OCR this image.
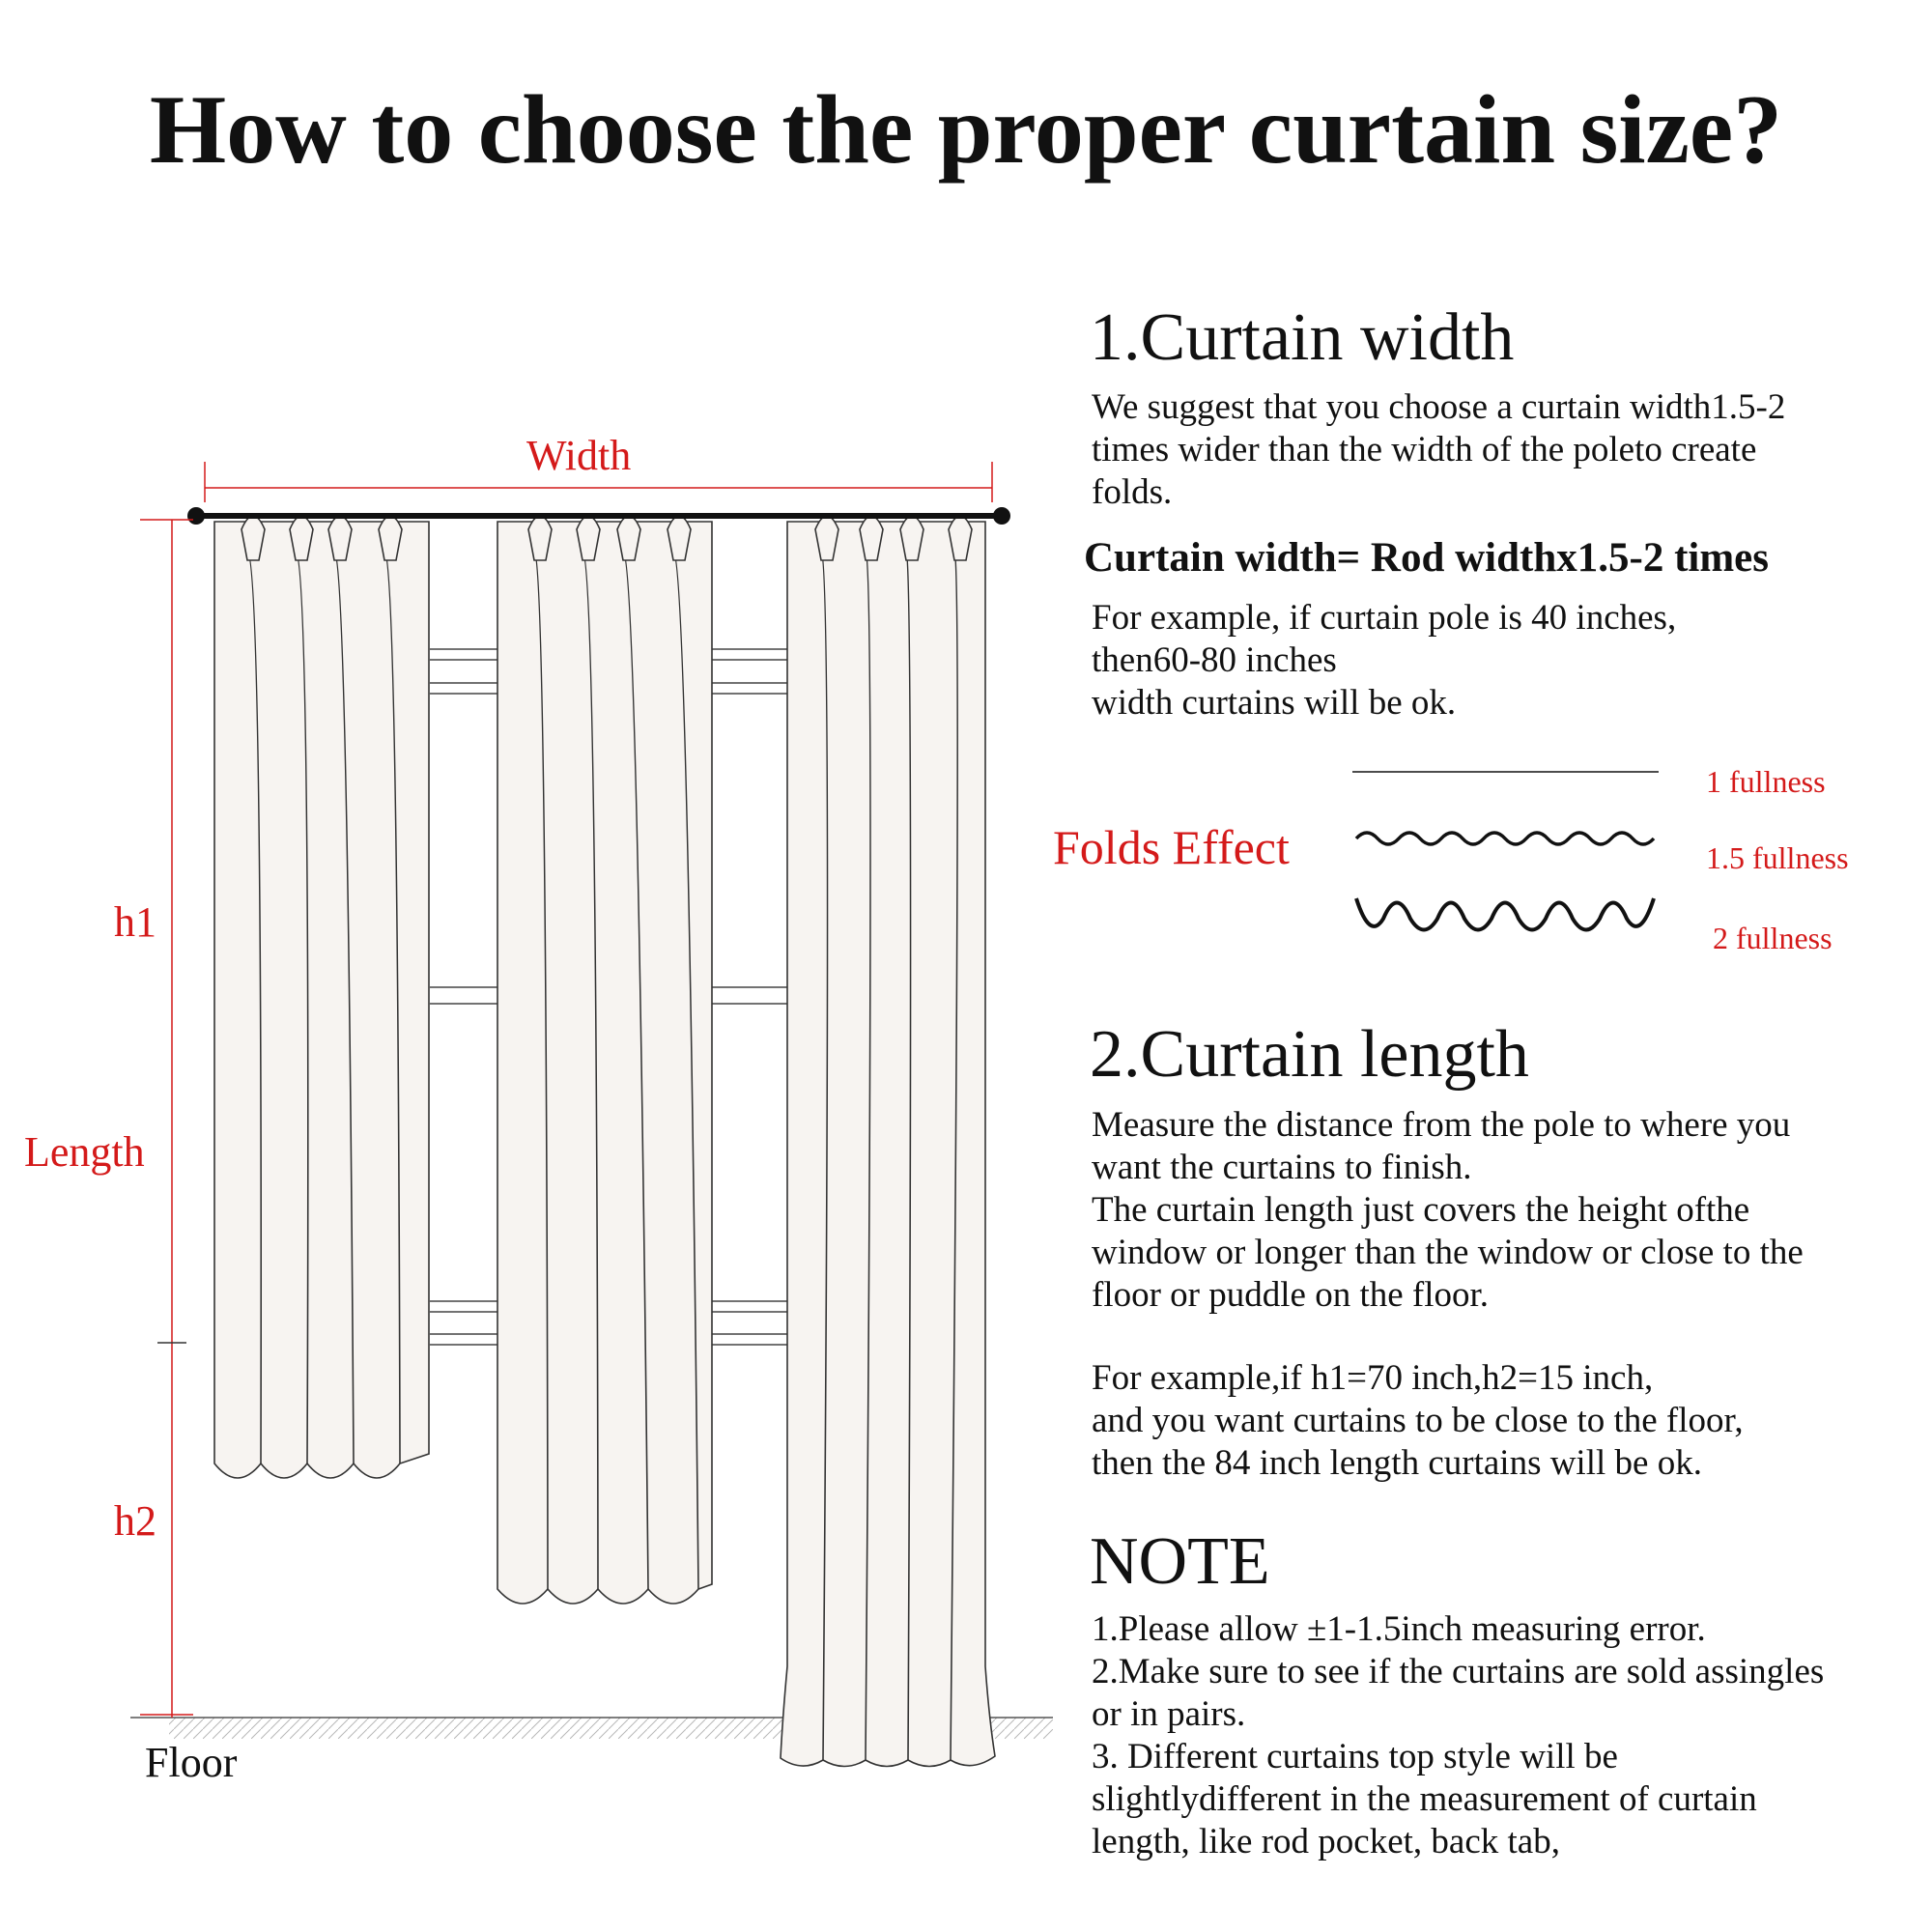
How to choose the proper curtain size?
Width
h1
Length
h2
Floor
1.Curtain width
We suggest that you choose a curtain width1.5-2
times wider than the width of the poleto create
folds.
Curtain width= Rod widthx1.5-2 times
For example, if curtain pole is 40 inches,
then60-80 inches
width curtains will be ok.
Folds Effect
1 fullness
1.5 fullness
2 fullness
2.Curtain length
Measure the distance from the pole to where you
want the curtains to finish.
The curtain length just covers the height ofthe
window or longer than the window or close to the
floor or puddle on the floor.
For example,if h1=70 inch,h2=15 inch,
and you want curtains to be close to the floor,
then the 84 inch length curtains will be ok.
NOTE
1.Please allow ±1-1.5inch measuring error.
2.Make sure to see if the curtains are sold assingles
or in pairs.
3. Different curtains top style will be
slightlydifferent in the measurement of curtain
length, like rod pocket, back tab,
